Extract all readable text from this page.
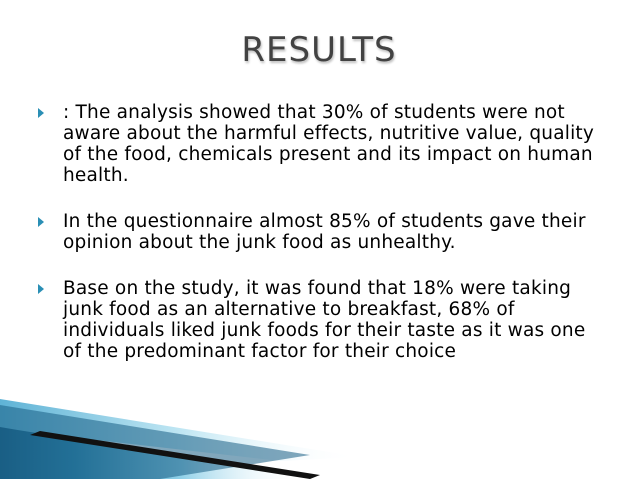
RESULTS
: The analysis showed that 30% of students were not aware about the harmful effects, nutritive value, quality of the food, chemicals present and its impact on human health.
In the questionnaire almost 85% of students gave their opinion about the junk food as unhealthy.
Base on the study, it was found that 18% were taking junk food as an alternative to breakfast, 68% of individuals liked junk foods for their taste as it was one of the predominant factor for their choice
